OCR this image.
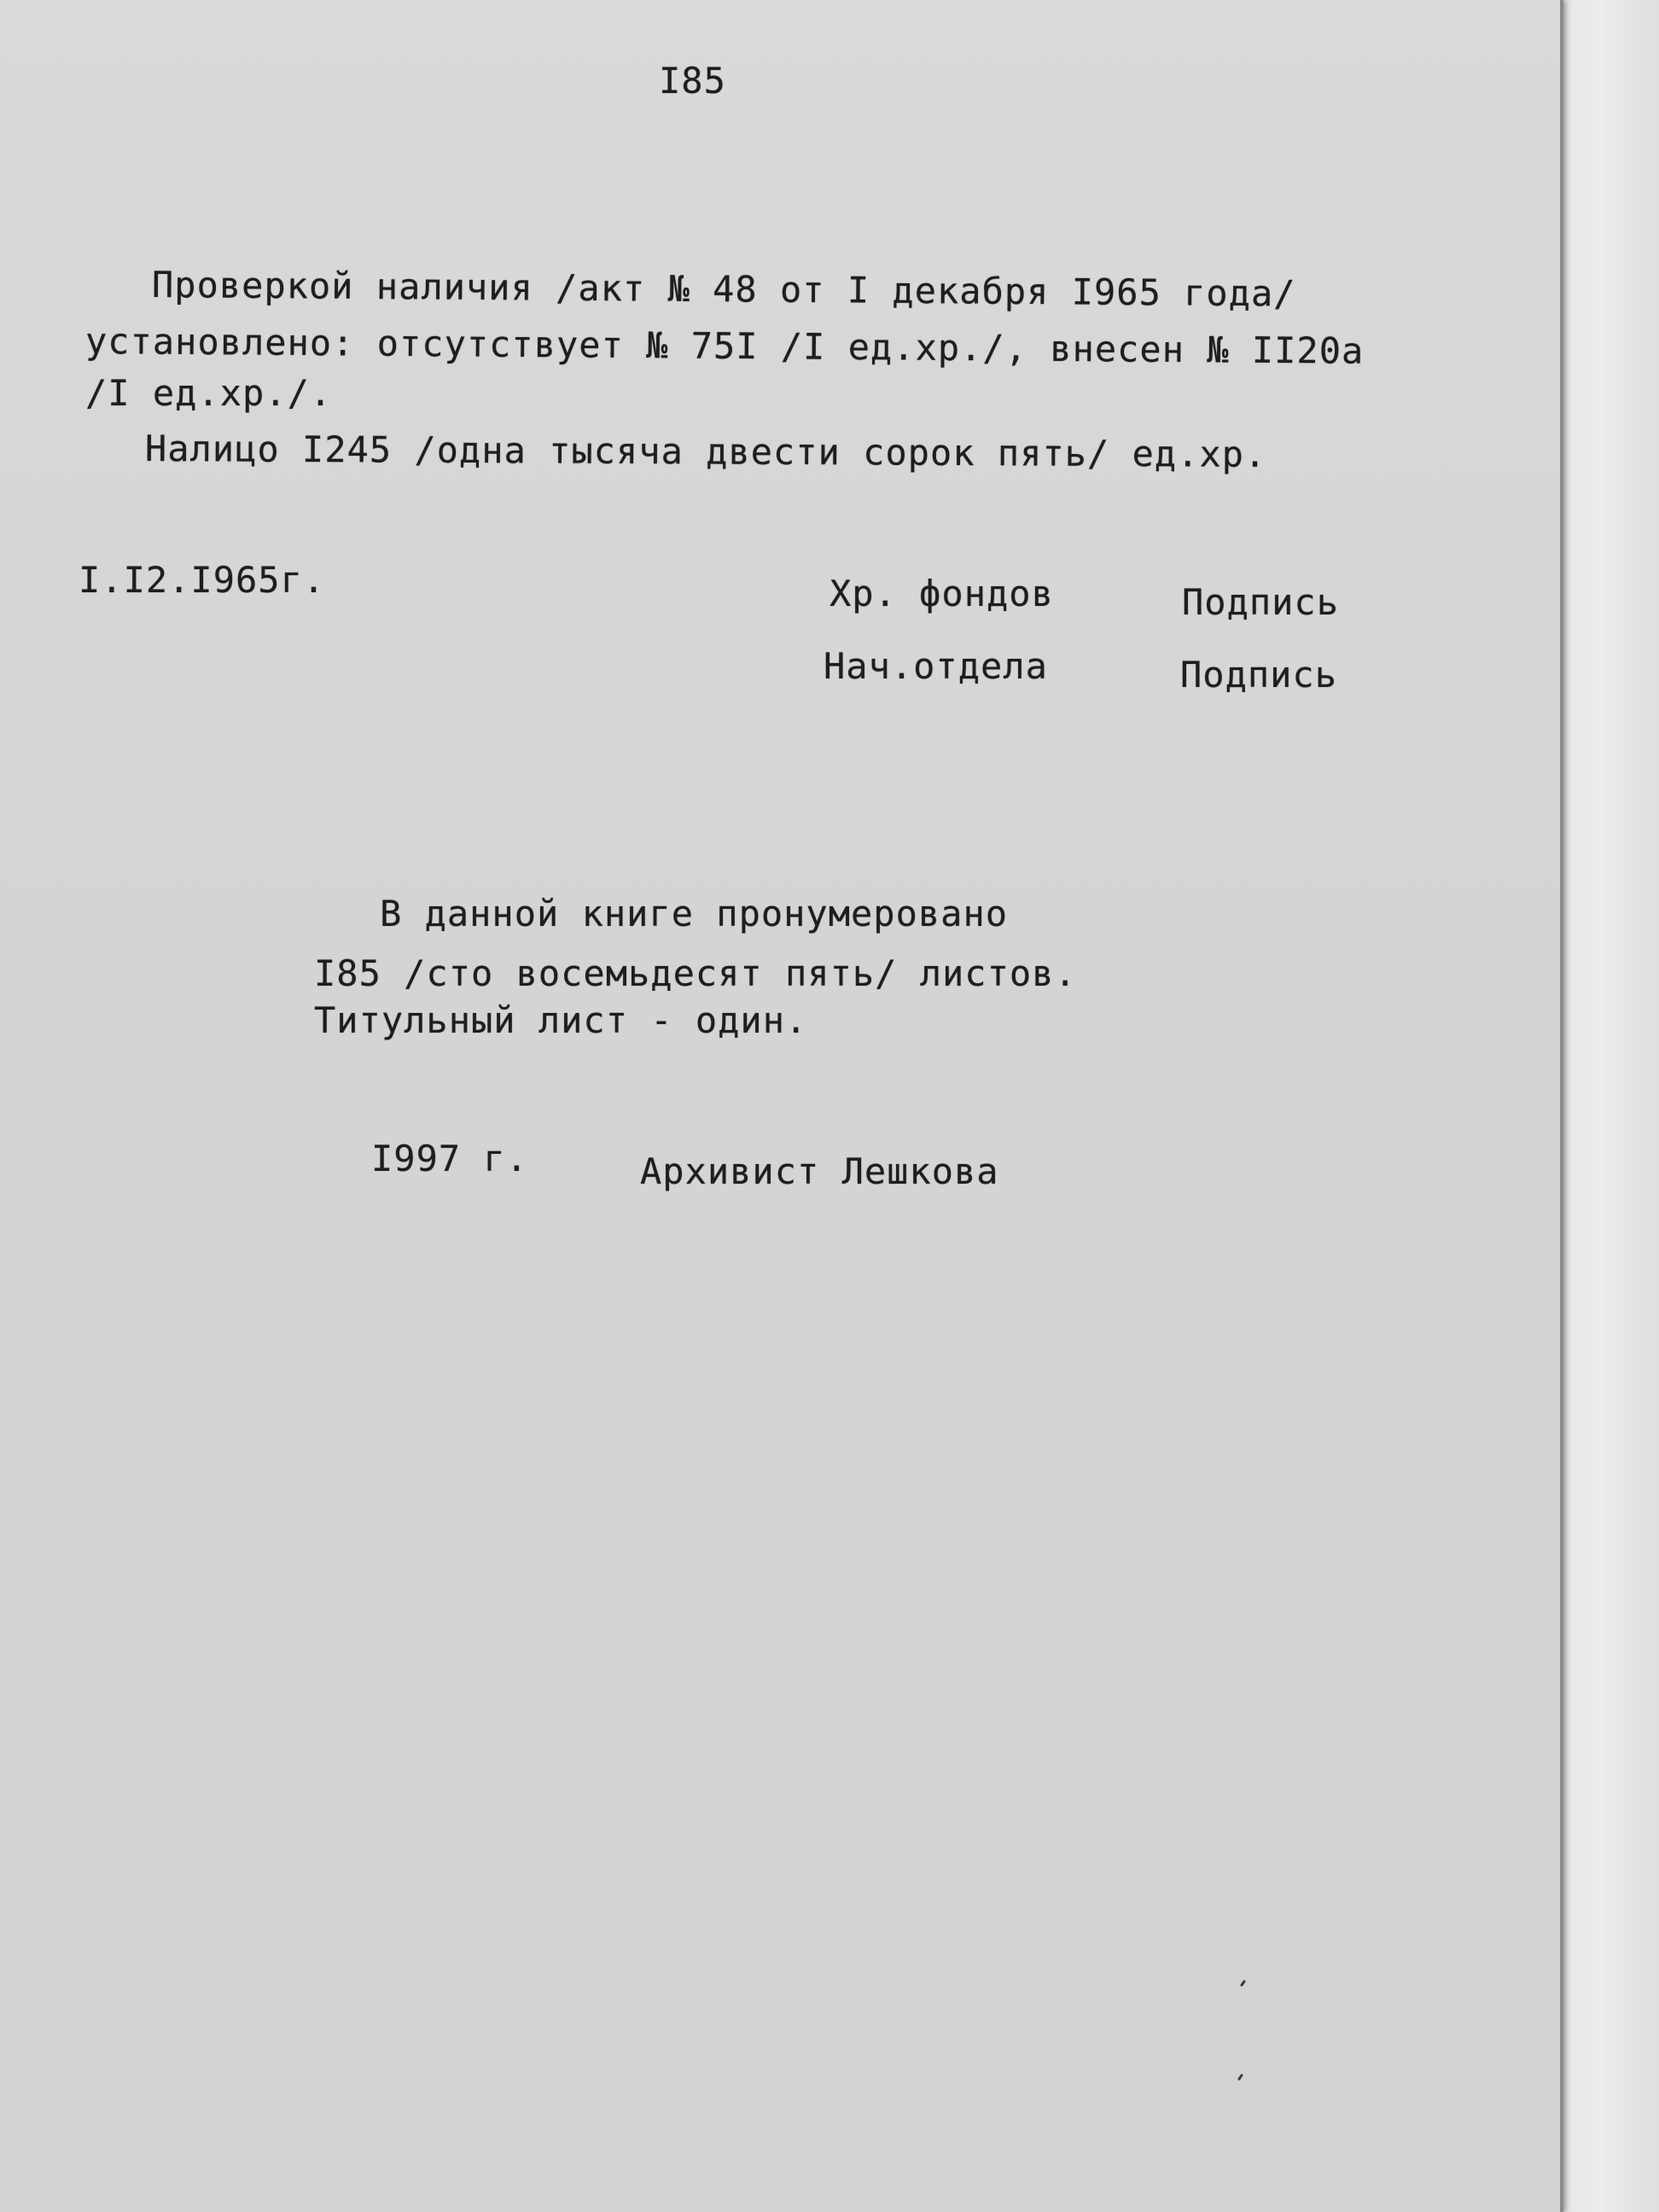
I85

Проверкой наличия /акт № 48 от I декабря I965 года/

установлено: отсутствует № 75I /I ед.хр./, внесен № II20а

/I ед.хр./.

Налицо I245 /одна тысяча двести сорок пять/ ед.хр.

I.I2.I965г.	Хр. фондов	Подпись

Нач.отдела	Подпись

В данной книге пронумеровано

I85 /сто восемьдесят пять/ листов.

Титульный лист - один.

I997 г.	Архивист Лешкова
